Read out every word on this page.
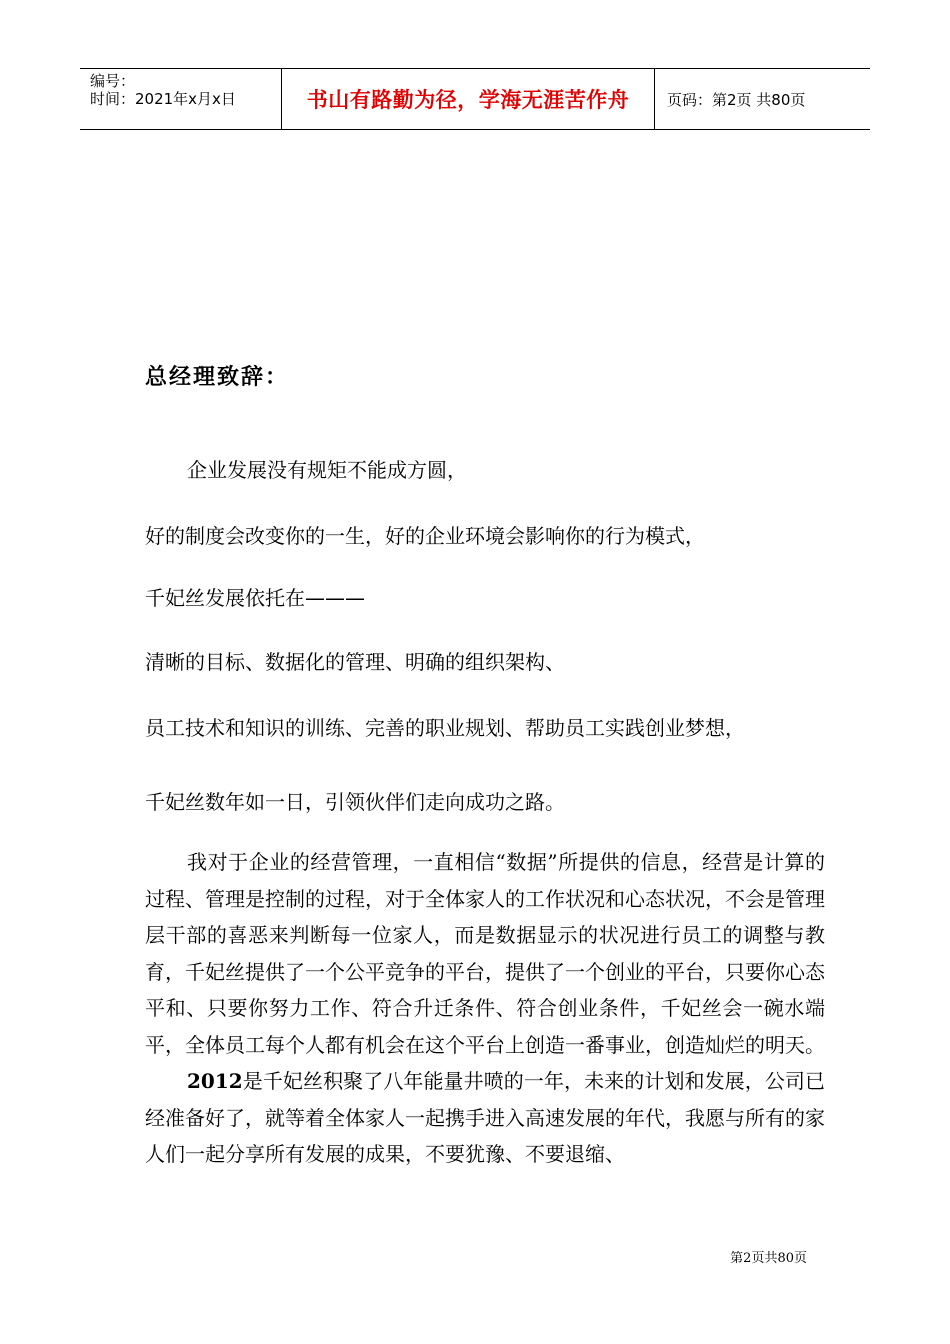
编号：
时间：2021年x月x日	书山有路勤为径，学海无涯苦作舟	页码：第2页 共80页
总经理致辞：

企业发展没有规矩不能成方圆，

好的制度会改变你的一生，好的企业环境会影响你的行为模式，

千妃丝发展依托在———

清晰的目标、数据化的管理、明确的组织架构、

员工技术和知识的训练、完善的职业规划、帮助员工实践创业梦想，

千妃丝数年如一日，引领伙伴们走向成功之路。

我对于企业的经营管理，一直相信“数据”所提供的信息，经营是计算的过程、管理是控制的过程，对于全体家人的工作状况和心态状况，不会是管理层干部的喜恶来判断每一位家人，而是数据显示的状况进行员工的调整与教育，千妃丝提供了一个公平竞争的平台，提供了一个创业的平台，只要你心态平和、只要你努力工作、符合升迁条件、符合创业条件，千妃丝会一碗水端平，全体员工每个人都有机会在这个平台上创造一番事业，创造灿烂的明天。

2012是千妃丝积聚了八年能量井喷的一年，未来的计划和发展，公司已经准备好了，就等着全体家人一起携手进入高速发展的年代，我愿与所有的家人们一起分享所有发展的成果，不要犹豫、不要退缩、

第2页共80页
